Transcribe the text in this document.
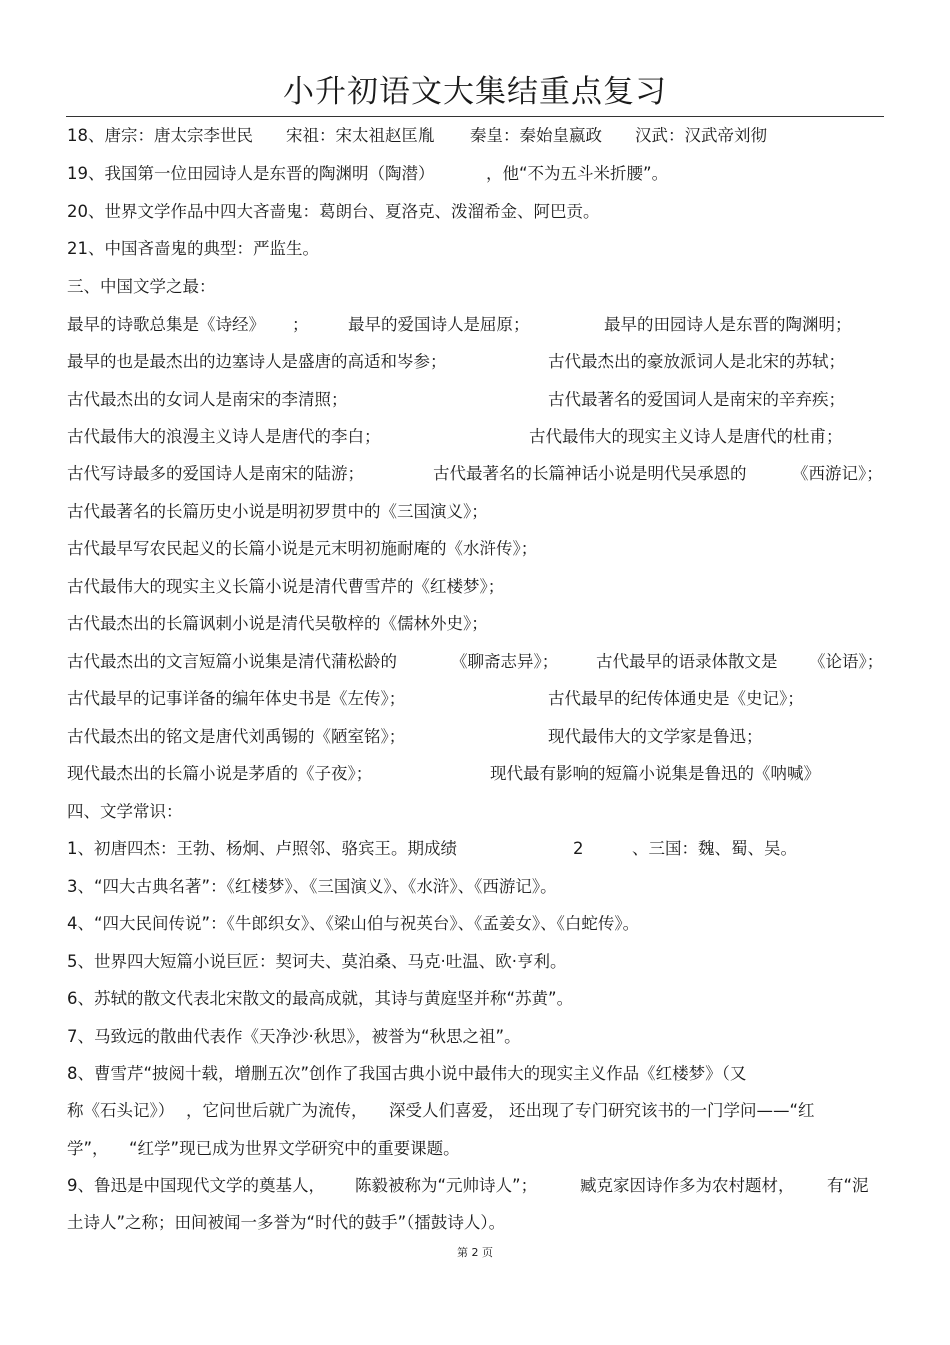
小升初语文大集结重点复习
18、唐宗：唐太宗李世民 宋祖：宋太祖赵匡胤 秦皇：秦始皇嬴政 汉武：汉武帝刘彻
19、我国第一位田园诗人是东晋的陶渊明（陶潜）	，他“不为五斗米折腰”。
20、世界文学作品中四大吝啬鬼：葛朗台、夏洛克、泼溜希金、阿巴贡。
21、中国吝啬鬼的典型：严监生。
三、中国文学之最：
最早的诗歌总集是《诗经》 ； 最早的爱国诗人是屈原；	最早的田园诗人是东晋的陶渊明；
最早的也是最杰出的边塞诗人是盛唐的高适和岑参；	古代最杰出的豪放派词人是北宋的苏轼；
古代最杰出的女词人是南宋的李清照；	古代最著名的爱国词人是南宋的辛弃疾；
古代最伟大的浪漫主义诗人是唐代的李白；	古代最伟大的现实主义诗人是唐代的杜甫；
古代写诗最多的爱国诗人是南宋的陆游；	古代最著名的长篇神话小说是明代吴承恩的	《西游记》；
古代最著名的长篇历史小说是明初罗贯中的《三国演义》；
古代最早写农民起义的长篇小说是元末明初施耐庵的《水浒传》；
古代最伟大的现实主义长篇小说是清代曹雪芹的《红楼梦》；
古代最杰出的长篇讽刺小说是清代吴敬梓的《儒林外史》；
古代最杰出的文言短篇小说集是清代蒲松龄的	《聊斋志异》； 古代最早的语录体散文是 《论语》；
古代最早的记事详备的编年体史书是《左传》；	古代最早的纪传体通史是《史记》；
古代最杰出的铭文是唐代刘禹锡的《陋室铭》；	现代最伟大的文学家是鲁迅；
现代最杰出的长篇小说是茅盾的《子夜》；	现代最有影响的短篇小说集是鲁迅的《呐喊》
四、文学常识：
1、初唐四杰：王勃、杨炯、卢照邻、骆宾王。期成绩	2	、三国：魏、蜀、吴。
3、“四大古典名著”：《红楼梦》、《三国演义》、《水浒》、《西游记》。
4、“四大民间传说”：《牛郎织女》、《梁山伯与祝英台》、《孟姜女》、《白蛇传》。
5、世界四大短篇小说巨匠：契诃夫、莫泊桑、马克·吐温、欧·亨利。
6、苏轼的散文代表北宋散文的最高成就，其诗与黄庭坚并称“苏黄”。
7、马致远的散曲代表作《天净沙·秋思》，被誉为“秋思之祖”。
8、曹雪芹“披阅十载，增删五次”创作了我国古典小说中最伟大的现实主义作品《红楼梦》（又
称《石头记》） ，它问世后就广为流传， 深受人们喜爱， 还出现了专门研究该书的一门学问——“红
学”， “红学”现已成为世界文学研究中的重要课题。
9、鲁迅是中国现代文学的奠基人， 陈毅被称为“元帅诗人”；	臧克家因诗作多为农村题材， 有“泥
土诗人”之称；田间被闻一多誉为“时代的鼓手”（擂鼓诗人）。
第 2 页
